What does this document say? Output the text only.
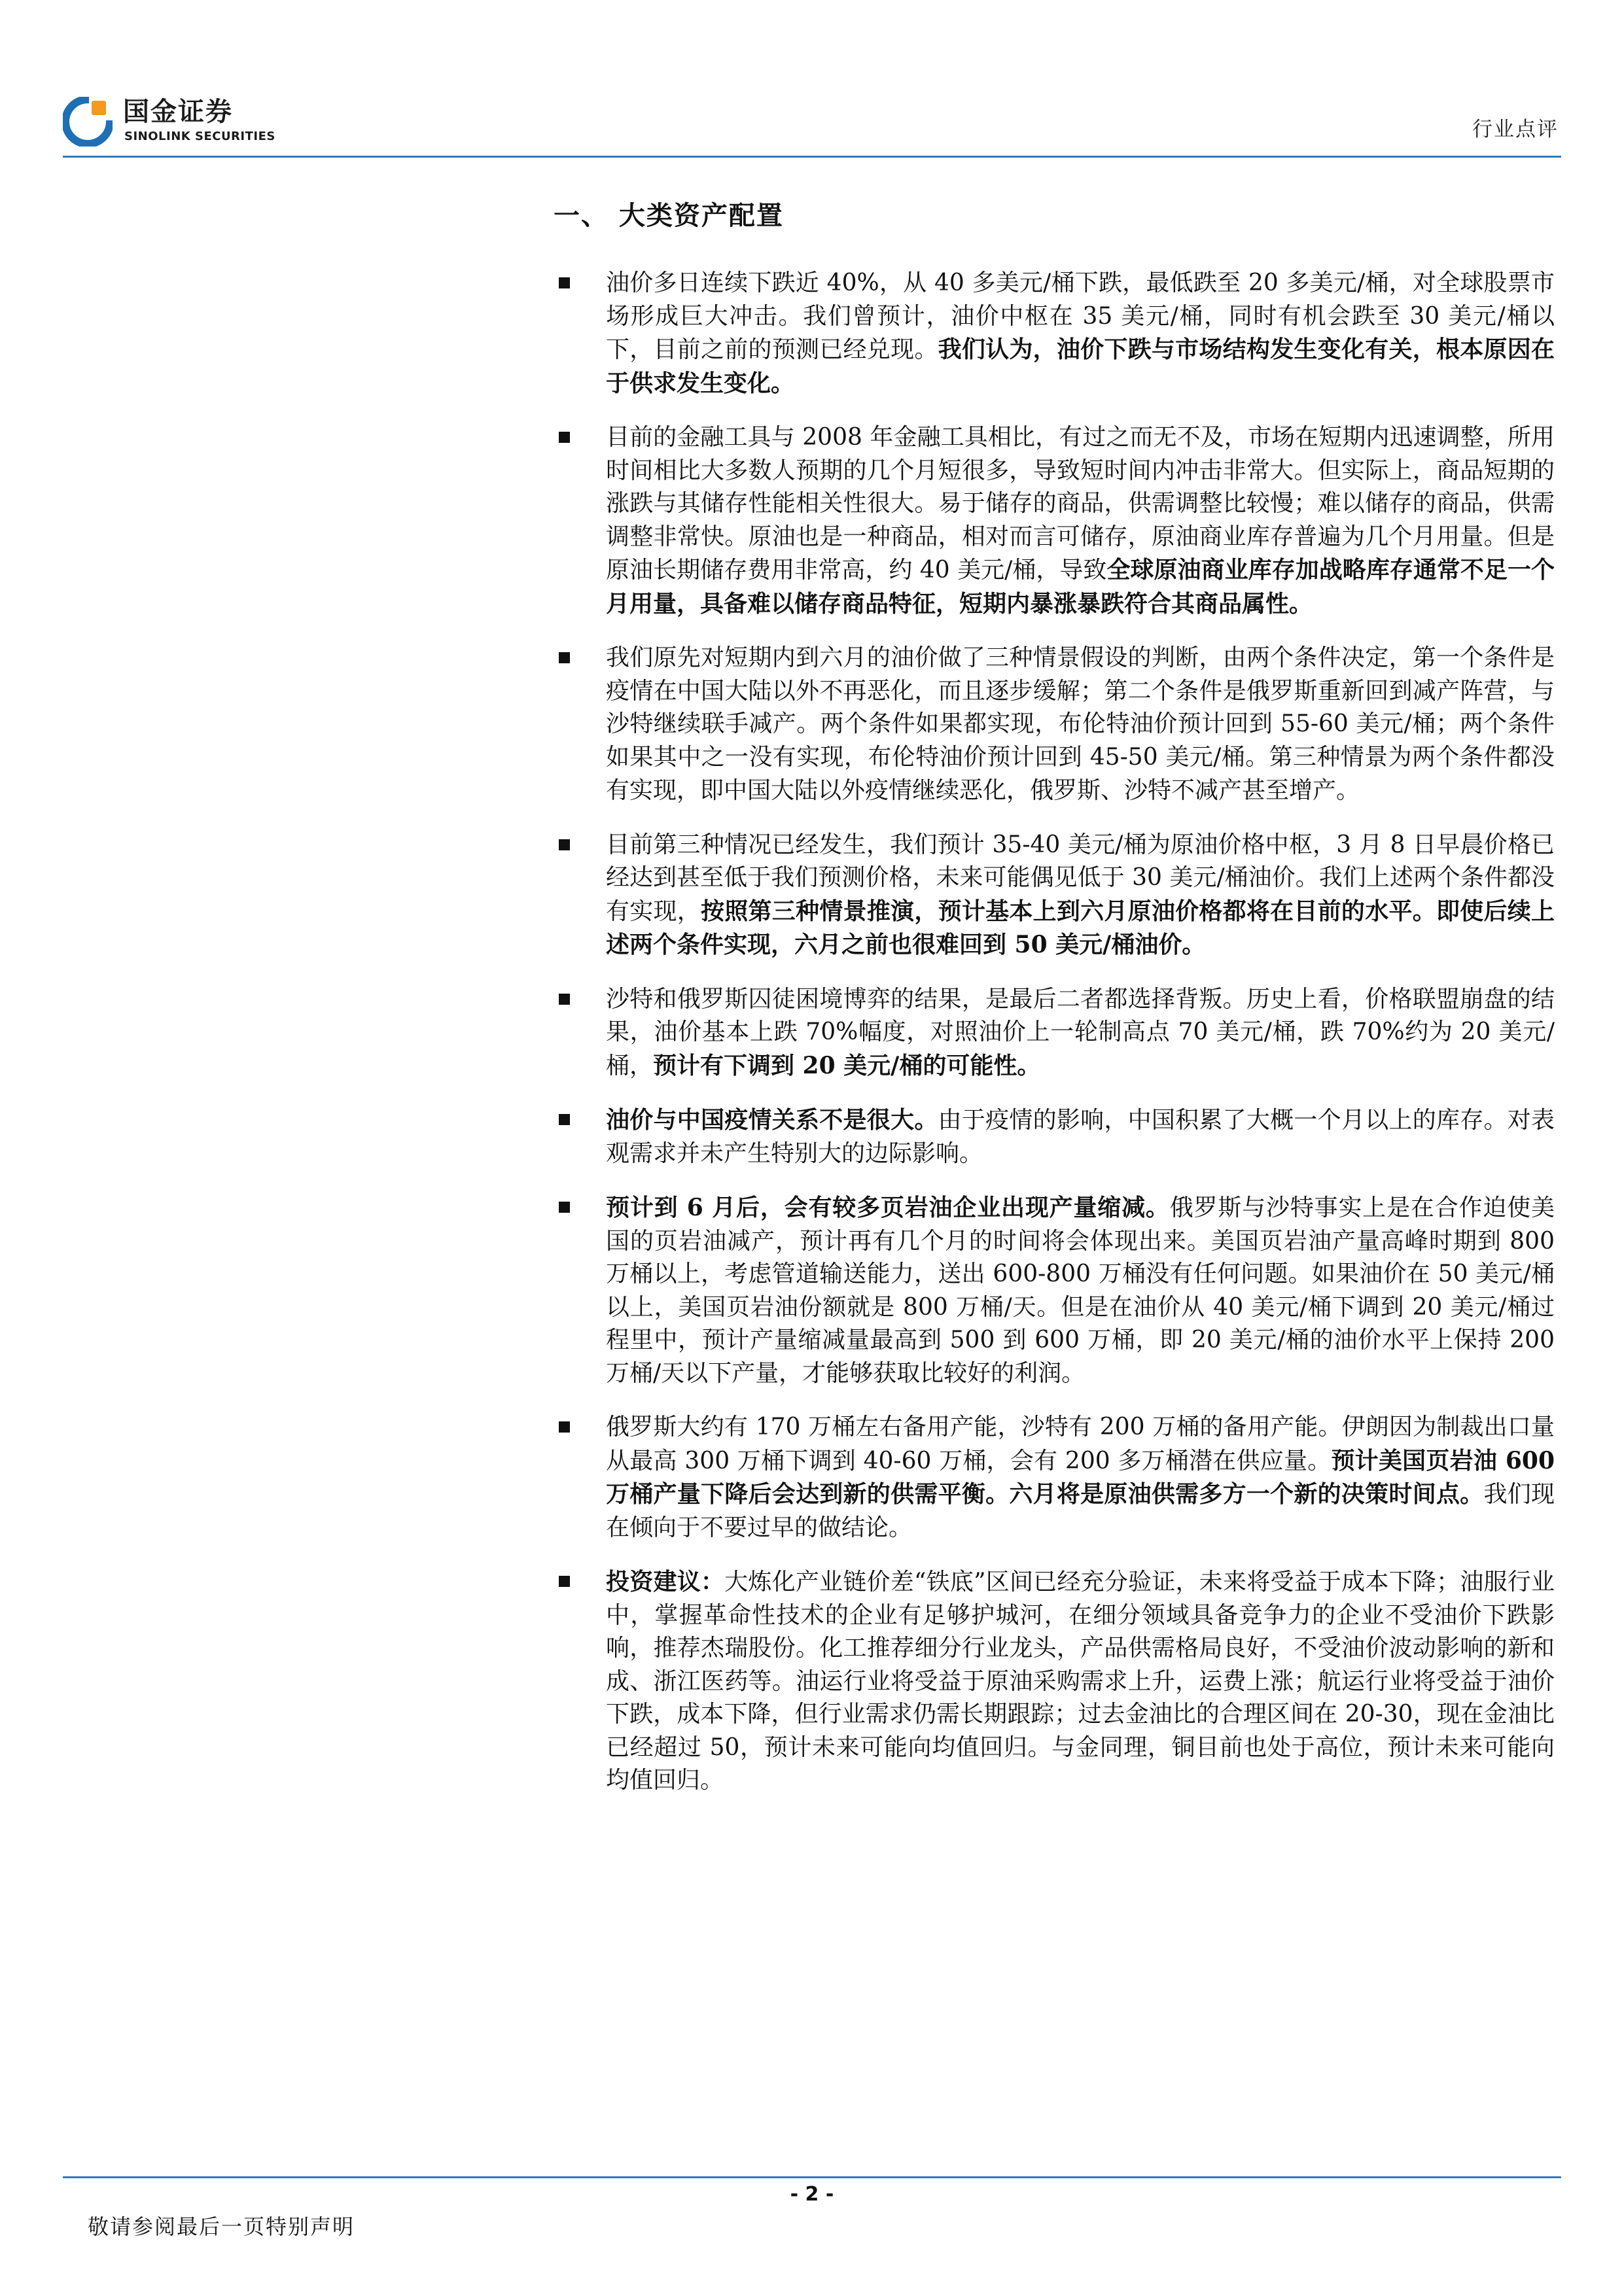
国金证券
SINOLINK SECURITIES	行业点评
一、 大类资产配置
油价多日连续下跌近 40%，从 40 多美元/桶下跌，最低跌至 20 多美元/桶，对全球股票市场形成巨大冲击。我们曾预计，油价中枢在 35 美元/桶，同时有机会跌至 30 美元/桶以下，目前之前的预测已经兑现。我们认为，油价下跌与市场结构发生变化有关，根本原因在于供求发生变化。
目前的金融工具与 2008 年金融工具相比，有过之而无不及，市场在短期内迅速调整，所用时间相比大多数人预期的几个月短很多，导致短时间内冲击非常大。但实际上，商品短期的涨跌与其储存性能相关性很大。易于储存的商品，供需调整比较慢；难以储存的商品，供需调整非常快。原油也是一种商品，相对而言可储存，原油商业库存普遍为几个月用量。但是原油长期储存费用非常高，约 40 美元/桶，导致全球原油商业库存加战略库存通常不足一个月用量，具备难以储存商品特征，短期内暴涨暴跌符合其商品属性。
我们原先对短期内到六月的油价做了三种情景假设的判断，由两个条件决定，第一个条件是疫情在中国大陆以外不再恶化，而且逐步缓解；第二个条件是俄罗斯重新回到减产阵营，与沙特继续联手减产。两个条件如果都实现，布伦特油价预计回到 55-60 美元/桶；两个条件如果其中之一没有实现，布伦特油价预计回到 45-50 美元/桶。第三种情景为两个条件都没有实现，即中国大陆以外疫情继续恶化，俄罗斯、沙特不减产甚至增产。
目前第三种情况已经发生，我们预计 35-40 美元/桶为原油价格中枢，3 月 8 日早晨价格已经达到甚至低于我们预测价格，未来可能偶见低于 30 美元/桶油价。我们上述两个条件都没有实现，按照第三种情景推演，预计基本上到六月原油价格都将在目前的水平。即使后续上述两个条件实现，六月之前也很难回到 50 美元/桶油价。
沙特和俄罗斯囚徒困境博弈的结果，是最后二者都选择背叛。历史上看，价格联盟崩盘的结果，油价基本上跌 70%幅度，对照油价上一轮制高点 70 美元/桶，跌 70%约为 20 美元/桶，预计有下调到 20 美元/桶的可能性。
油价与中国疫情关系不是很大。由于疫情的影响，中国积累了大概一个月以上的库存。对表观需求并未产生特别大的边际影响。
预计到 6 月后，会有较多页岩油企业出现产量缩减。俄罗斯与沙特事实上是在合作迫使美国的页岩油减产，预计再有几个月的时间将会体现出来。美国页岩油产量高峰时期到 800 万桶以上，考虑管道输送能力，送出 600-800 万桶没有任何问题。如果油价在 50 美元/桶以上，美国页岩油份额就是 800 万桶/天。但是在油价从 40 美元/桶下调到 20 美元/桶过程里中，预计产量缩减量最高到 500 到 600 万桶，即 20 美元/桶的油价水平上保持 200 万桶/天以下产量，才能够获取比较好的利润。
俄罗斯大约有 170 万桶左右备用产能，沙特有 200 万桶的备用产能。伊朗因为制裁出口量从最高 300 万桶下调到 40-60 万桶，会有 200 多万桶潜在供应量。预计美国页岩油 600 万桶产量下降后会达到新的供需平衡。六月将是原油供需多方一个新的决策时间点。我们现在倾向于不要过早的做结论。
投资建议：大炼化产业链价差“铁底”区间已经充分验证，未来将受益于成本下降；油服行业中，掌握革命性技术的企业有足够护城河，在细分领域具备竞争力的企业不受油价下跌影响，推荐杰瑞股份。化工推荐细分行业龙头，产品供需格局良好，不受油价波动影响的新和成、浙江医药等。油运行业将受益于原油采购需求上升，运费上涨；航运行业将受益于油价下跌，成本下降，但行业需求仍需长期跟踪；过去金油比的合理区间在 20-30，现在金油比已经超过 50，预计未来可能向均值回归。与金同理，铜目前也处于高位，预计未来可能向均值回归。
- 2 -
敬请参阅最后一页特别声明
